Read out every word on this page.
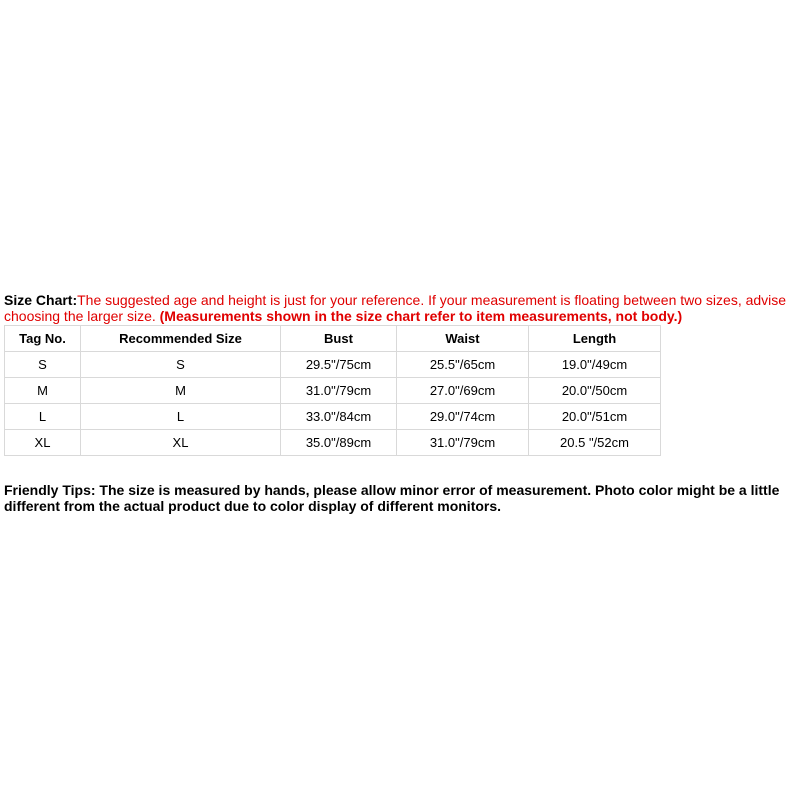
Size Chart:The suggested age and height is just for your reference. If your measurement is floating between two sizes, advise choosing the larger size. (Measurements shown in the size chart refer to item measurements, not body.)
Tag No.	Recommended Size	Bust	Waist	Length
S	S	29.5"/75cm	25.5"/65cm	19.0"/49cm
M	M	31.0"/79cm	27.0"/69cm	20.0"/50cm
L	L	33.0"/84cm	29.0"/74cm	20.0"/51cm
XL	XL	35.0"/89cm	31.0"/79cm	20.5 "/52cm
Friendly Tips: The size is measured by hands, please allow minor error of measurement. Photo color might be a little different from the actual product due to color display of different monitors.
